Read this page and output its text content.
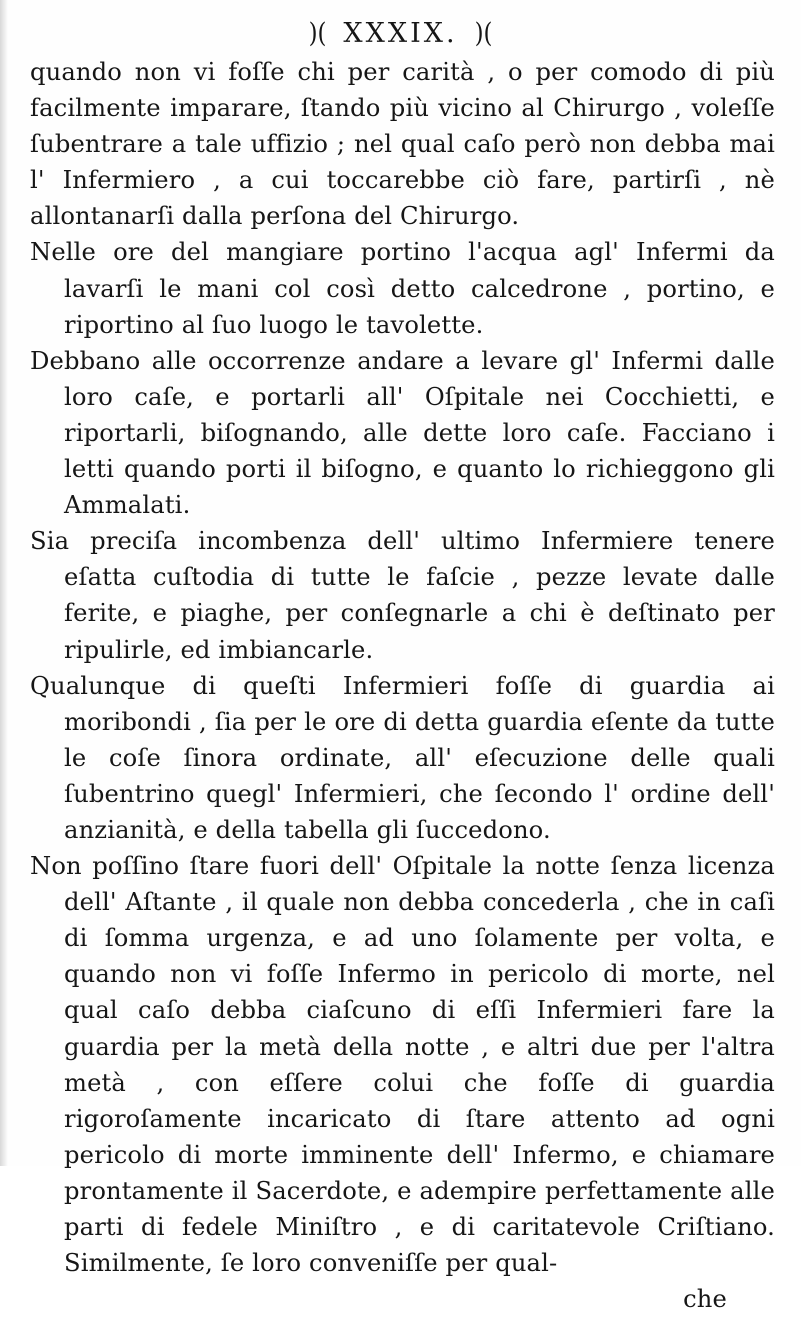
)( XXXIX. )(

quando non vi foſſe chi per carità , o per comodo di più facilmente imparare, ſtando più vicino al Chirurgo , voleſſe ſubentrare a tale uffizio ; nel qual caſo però non debba mai l' Infermiero , a cui toccarebbe ciò fare, partirſi , nè allontanarſi dalla perſona del Chirurgo.

Nelle ore del mangiare portino l'acqua agl' Infermi da lavarſi le mani col così detto calcedrone , portino, e riportino al ſuo luogo le tavolette.

Debbano alle occorrenze andare a levare gl' Infermi dalle loro caſe, e portarli all' Oſpitale nei Cocchietti, e riportarli, biſognando, alle dette loro caſe. Facciano i letti quando porti il biſogno, e quanto lo richieggono gli Ammalati.

Sia preciſa incombenza dell' ultimo Infermiere tenere eſatta cuſtodia di tutte le faſcie , pezze levate dalle ferite, e piaghe, per conſegnarle a chi è deſtinato per ripulirle, ed imbiancarle.

Qualunque di queſti Infermieri foſſe di guardia ai moribondi , ſia per le ore di detta guardia eſente da tutte le coſe ſinora ordinate, all' eſecuzione delle quali ſubentrino quegl' Infermieri, che ſecondo l' ordine dell' anzianità, e della tabella gli ſuccedono.

Non poſſino ſtare fuori dell' Oſpitale la notte ſenza licenza dell' Aſtante , il quale non debba concederla , che in caſi di ſomma urgenza, e ad uno ſolamente per volta, e quando non vi foſſe Infermo in pericolo di morte, nel qual caſo debba ciaſcuno di eſſi Infermieri fare la guardia per la metà della notte , e altri due per l'altra metà , con eſſere colui che foſſe di guardia rigoroſamente incaricato di ſtare attento ad ogni pericolo di morte imminente dell' Infermo, e chiamare prontamente il Sacerdote, e adempire perfettamente alle parti di fedele Miniſtro , e di caritatevole Criſtiano. Similmente, ſe loro conveniſſe per qual-

che
